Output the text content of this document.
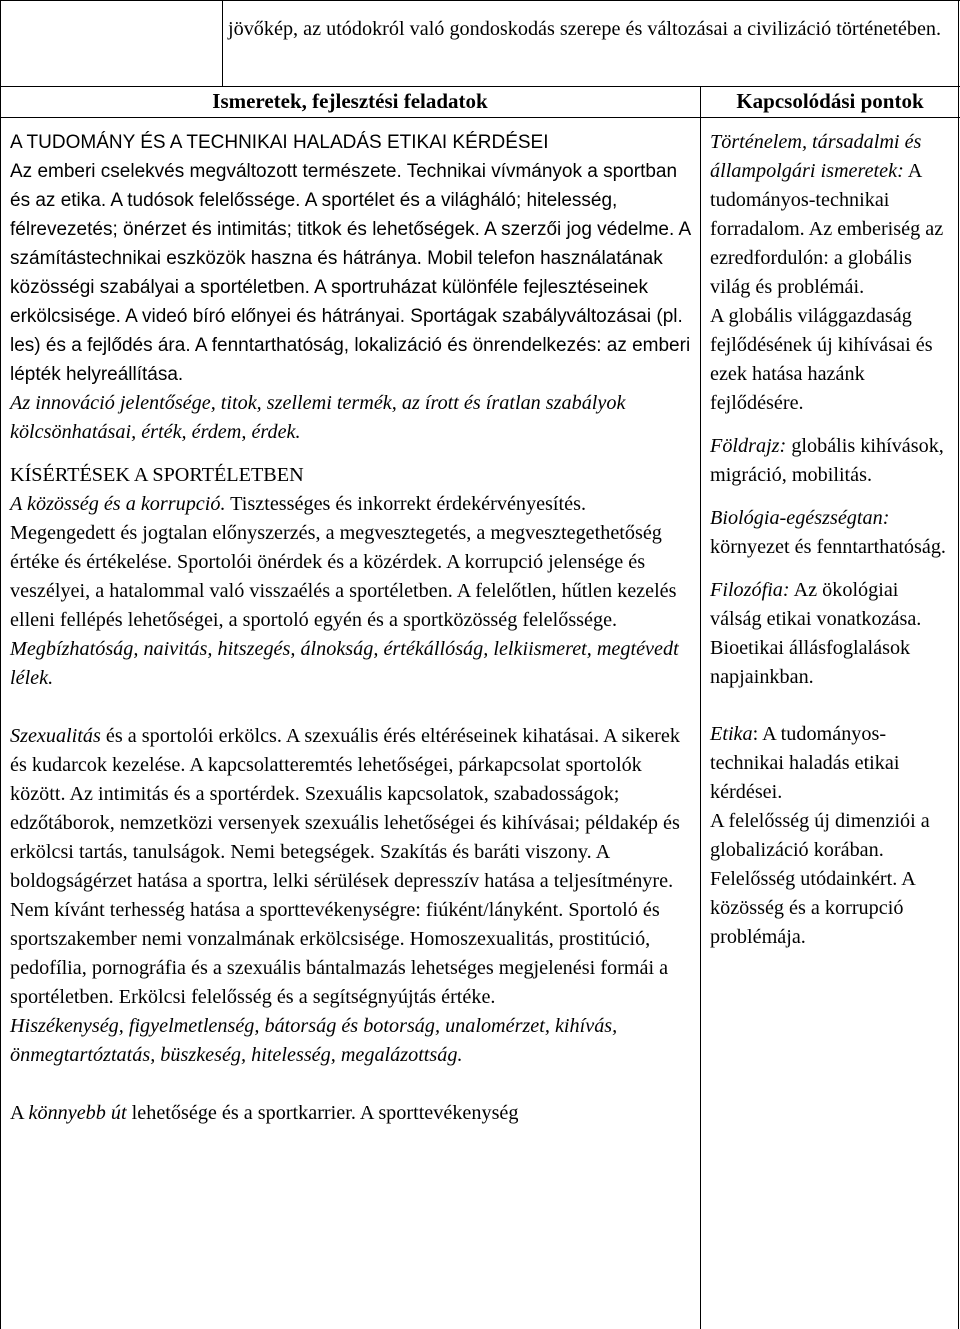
jövőkép, az utódokról való gondoskodás szerepe és változásai a civilizáció történetében.

Ismeretek, fejlesztési feladatok	Kapcsolódási pontok

A TUDOMÁNY ÉS A TECHNIKAI HALADÁS ETIKAI KÉRDÉSEI

Az emberi cselekvés megváltozott természete. Technikai vívmányok a sportban és az etika. A tudósok felelőssége. A sportélet és a világháló; hitelesség, félrevezetés; önérzet és intimitás; titkok és lehetőségek. A szerzői jog védelme. A számítástechnikai eszközök haszna és hátránya. Mobil telefon használatának közösségi szabályai a sportéletben. A sportruházat különféle fejlesztéseinek erkölcsisége. A videó bíró előnyei és hátrányai. Sportágak szabályváltozásai (pl. les) és a fejlődés ára. A fenntarthatóság, lokalizáció és önrendelkezés: az emberi lépték helyreállítása.

Az innováció jelentősége, titok, szellemi termék, az írott és íratlan szabályok kölcsönhatásai, érték, érdem, érdek.

KÍSÉRTÉSEK A SPORTÉLETBEN

A közösség és a korrupció. Tisztességes és inkorrekt érdekérvényesítés. Megengedett és jogtalan előnyszerzés, a megvesztegetés, a megvesztegethetőség értéke és értékelése. Sportolói önérdek és a közérdek. A korrupció jelensége és veszélyei, a hatalommal való visszaélés a sportéletben. A felelőtlen, hűtlen kezelés elleni fellépés lehetőségei, a sportoló egyén és a sportközösség felelőssége.

Megbízhatóság, naivitás, hitszegés, álnokság, értékállóság, lelkiismeret, megtévedt lélek.

Szexualitás és a sportolói erkölcs. A szexuális érés eltéréseinek kihatásai. A sikerek és kudarcok kezelése. A kapcsolatteremtés lehetőségei, párkapcsolat sportolók között. Az intimitás és a sportérdek. Szexuális kapcsolatok, szabadosságok; edzőtáborok, nemzetközi versenyek szexuális lehetőségei és kihívásai; példakép és erkölcsi tartás, tanulságok. Nemi betegségek. Szakítás és baráti viszony. A boldogságérzet hatása a sportra, lelki sérülések depresszív hatása a teljesítményre. Nem kívánt terhesség hatása a sporttevékenységre: fiúként/lányként. Sportoló és sportszakember nemi vonzalmának erkölcsisége. Homoszexualitás, prostitúció, pedofília, pornográfia és a szexuális bántalmazás lehetséges megjelenési formái a sportéletben. Erkölcsi felelősség és a segítségnyújtás értéke.

Hiszékenység, figyelmetlenség, bátorság és botorság, unalomérzet, kihívás, önmegtartóztatás, büszkeség, hitelesség, megalázottság.

A könnyebb út lehetősége és a sportkarrier. A sporttevékenység

Történelem, társadalmi és állampolgári ismeretek: A tudományos-technikai forradalom. Az emberiség az ezredfordulón: a globális világ és problémái.

A globális világgazdaság fejlődésének új kihívásai és ezek hatása hazánk fejlődésére.

Földrajz: globális kihívások, migráció, mobilitás.

Biológia-egészségtan:

környezet és fenntarthatóság.

Filozófia: Az ökológiai válság etikai vonatkozása. Bioetikai állásfoglalások napjainkban.

Etika: A tudományos-technikai haladás etikai kérdései.

A felelősség új dimenziói a globalizáció korában. Felelősség utódainkért. A közösség és a korrupció problémája.
